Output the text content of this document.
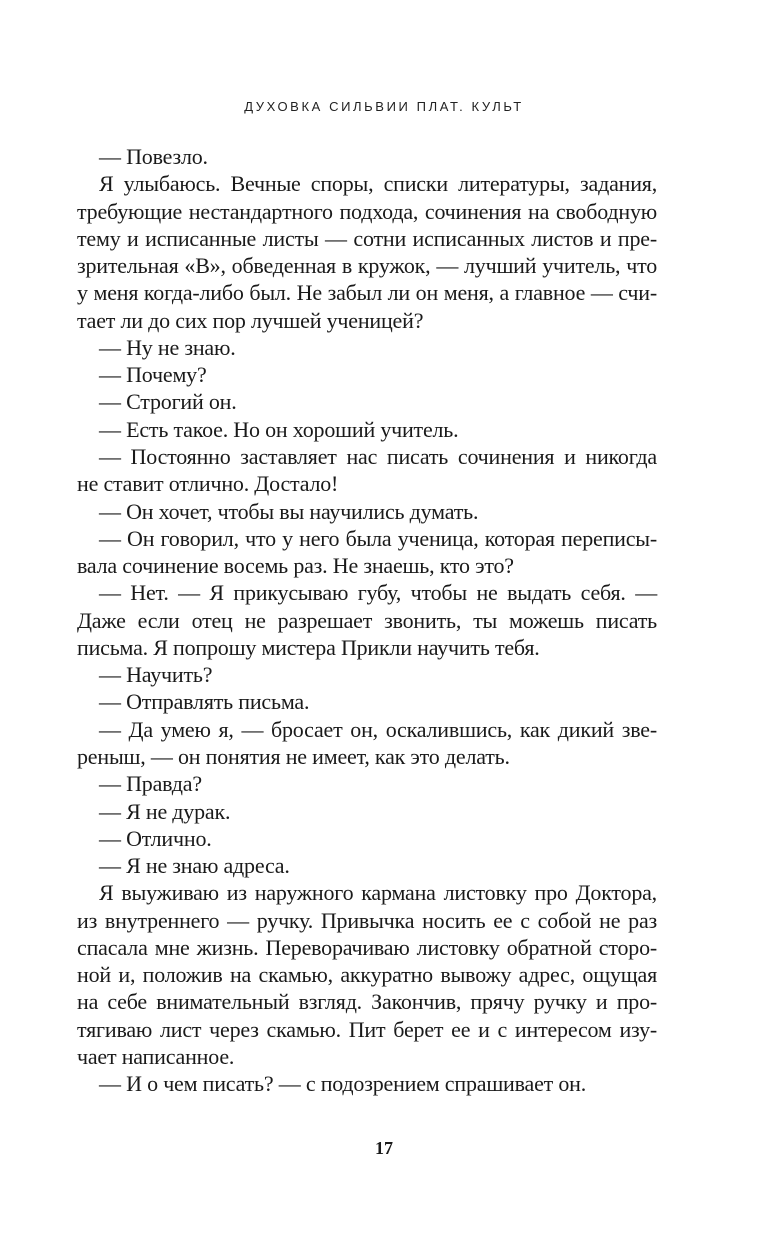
ДУХОВКА СИЛЬВИИ ПЛАТ. КУЛЬТ
— Повезло.
Я улыбаюсь. Вечные споры, списки литературы, задания,
требующие нестандартного подхода, сочинения на свободную
тему и исписанные листы — сотни исписанных листов и пре-
зрительная «B», обведенная в кружок, — лучший учитель, что
у меня когда-либо был. Не забыл ли он меня, а главное — счи-
тает ли до сих пор лучшей ученицей?
— Ну не знаю.
— Почему?
— Строгий он.
— Есть такое. Но он хороший учитель.
— Постоянно заставляет нас писать сочинения и никогда
не ставит отлично. Достало!
— Он хочет, чтобы вы научились думать.
— Он говорил, что у него была ученица, которая переписы-
вала сочинение восемь раз. Не знаешь, кто это?
— Нет. — Я прикусываю губу, чтобы не выдать себя. —
Даже если отец не разрешает звонить, ты можешь писать
письма. Я попрошу мистера Прикли научить тебя.
— Научить?
— Отправлять письма.
— Да умею я, — бросает он, оскалившись, как дикий зве-
реныш, — он понятия не имеет, как это делать.
— Правда?
— Я не дурак.
— Отлично.
— Я не знаю адреса.
Я выуживаю из наружного кармана листовку про Доктора,
из внутреннего — ручку. Привычка носить ее с собой не раз
спасала мне жизнь. Переворачиваю листовку обратной сторо-
ной и, положив на скамью, аккуратно вывожу адрес, ощущая
на себе внимательный взгляд. Закончив, прячу ручку и про-
тягиваю лист через скамью. Пит берет ее и с интересом изу-
чает написанное.
— И о чем писать? — с подозрением спрашивает он.
17
